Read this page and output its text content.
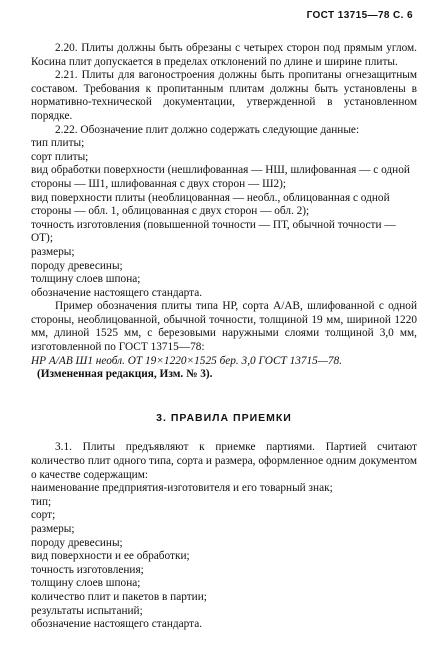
ГОСТ 13715—78 С. 6

2.20. Плиты должны быть обрезаны с четырех сторон под прямым углом. Косина плит допускается в пределах отклонений по длине и ширине плиты.

2.21. Плиты для вагоностроения должны быть пропитаны огнезащитным составом. Требования к пропитанным плитам должны быть установлены в нормативно-технической документации, утвержденной в установленном порядке.

2.22. Обозначение плит должно содержать следующие данные:

тип плиты;
сорт плиты;
вид обработки поверхности (нешлифованная — НШ, шлифованная — с одной стороны — Ш1, шлифованная с двух сторон — Ш2);
вид поверхности плиты (необлицованная — необл., облицованная с одной стороны — обл. 1, облицованная с двух сторон — обл. 2);
точность изготовления (повышенной точности — ПТ, обычной точности — ОТ);
размеры;
породу древесины;
толщину слоев шпона;
обозначение настоящего стандарта.

Пример обозначения плиты типа НР, сорта А/АВ, шлифованной с одной стороны, необлицованной, обычной точности, толщиной 19 мм, шириной 1220 мм, длиной 1525 мм, с березовыми наружными слоями толщиной 3,0 мм, изготовленной по ГОСТ 13715—78:

НР А/АВ Ш1 необл. ОТ 19×1220×1525 бер. 3,0 ГОСТ 13715—78.

(Измененная редакция, Изм. № 3).

3. ПРАВИЛА ПРИЕМКИ

3.1. Плиты предъявляют к приемке партиями. Партией считают количество плит одного типа, сорта и размера, оформленное одним документом о качестве содержащим:

наименование предприятия-изготовителя и его товарный знак;
тип;
сорт;
размеры;
породу древесины;
вид поверхности и ее обработки;
точность изготовления;
толщину слоев шпона;
количество плит и пакетов в партии;
результаты испытаний;
обозначение настоящего стандарта.
